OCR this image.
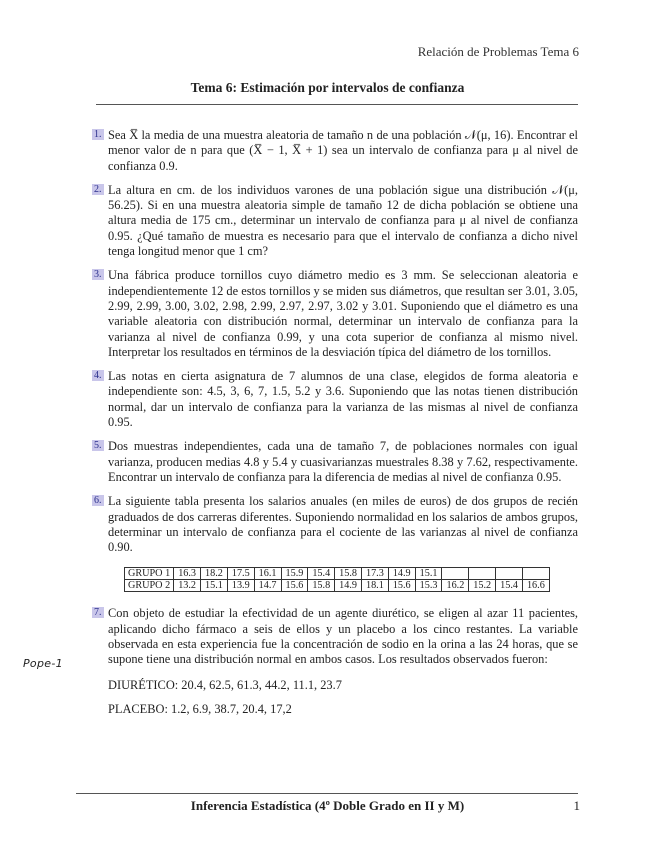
Relación de Problemas Tema 6
Tema 6: Estimación por intervalos de confianza
1. Sea X̅ la media de una muestra aleatoria de tamaño n de una población 𝒩(μ, 16). Encontrar el menor valor de n para que (X̅ − 1, X̅ + 1) sea un intervalo de confianza para μ al nivel de confianza 0.9.
2. La altura en cm. de los individuos varones de una población sigue una distribución 𝒩(μ, 56.25). Si en una muestra aleatoria simple de tamaño 12 de dicha población se obtiene una altura media de 175 cm., determinar un intervalo de confianza para μ al nivel de confianza 0.95. ¿Qué tamaño de muestra es necesario para que el intervalo de confianza a dicho nivel tenga longitud menor que 1 cm?
3. Una fábrica produce tornillos cuyo diámetro medio es 3 mm. Se seleccionan aleatoria e independientemente 12 de estos tornillos y se miden sus diámetros, que resultan ser 3.01, 3.05, 2.99, 2.99, 3.00, 3.02, 2.98, 2.99, 2.97, 2.97, 3.02 y 3.01. Suponiendo que el diámetro es una variable aleatoria con distribución normal, determinar un intervalo de confianza para la varianza al nivel de confianza 0.99, y una cota superior de confianza al mismo nivel. Interpretar los resultados en términos de la desviación típica del diámetro de los tornillos.
4. Las notas en cierta asignatura de 7 alumnos de una clase, elegidos de forma aleatoria e independiente son: 4.5, 3, 6, 7, 1.5, 5.2 y 3.6. Suponiendo que las notas tienen distribución normal, dar un intervalo de confianza para la varianza de las mismas al nivel de confianza 0.95.
5. Dos muestras independientes, cada una de tamaño 7, de poblaciones normales con igual varianza, producen medias 4.8 y 5.4 y cuasivarianzas muestrales 8.38 y 7.62, respectivamente. Encontrar un intervalo de confianza para la diferencia de medias al nivel de confianza 0.95.
6. La siguiente tabla presenta los salarios anuales (en miles de euros) de dos grupos de recién graduados de dos carreras diferentes. Suponiendo normalidad en los salarios de ambos grupos, determinar un intervalo de confianza para el cociente de las varianzas al nivel de confianza 0.90.
GRUPO 1	16.3	18.2	17.5	16.1	15.9	15.4	15.8	17.3	14.9	15.1				
GRUPO 2	13.2	15.1	13.9	14.7	15.6	15.8	14.9	18.1	15.6	15.3	16.2	15.2	15.4	16.6
7. Con objeto de estudiar la efectividad de un agente diurético, se eligen al azar 11 pacientes, aplicando dicho fármaco a seis de ellos y un placebo a los cinco restantes. La variable observada en esta experiencia fue la concentración de sodio en la orina a las 24 horas, que se supone tiene una distribución normal en ambos casos. Los resultados observados fueron:
DIURÉTICO: 20.4, 62.5, 61.3, 44.2, 11.1, 23.7
PLACEBO: 1.2, 6.9, 38.7, 20.4, 17,2
Pope-1
Inferencia Estadística (4º Doble Grado en II y M)	1
